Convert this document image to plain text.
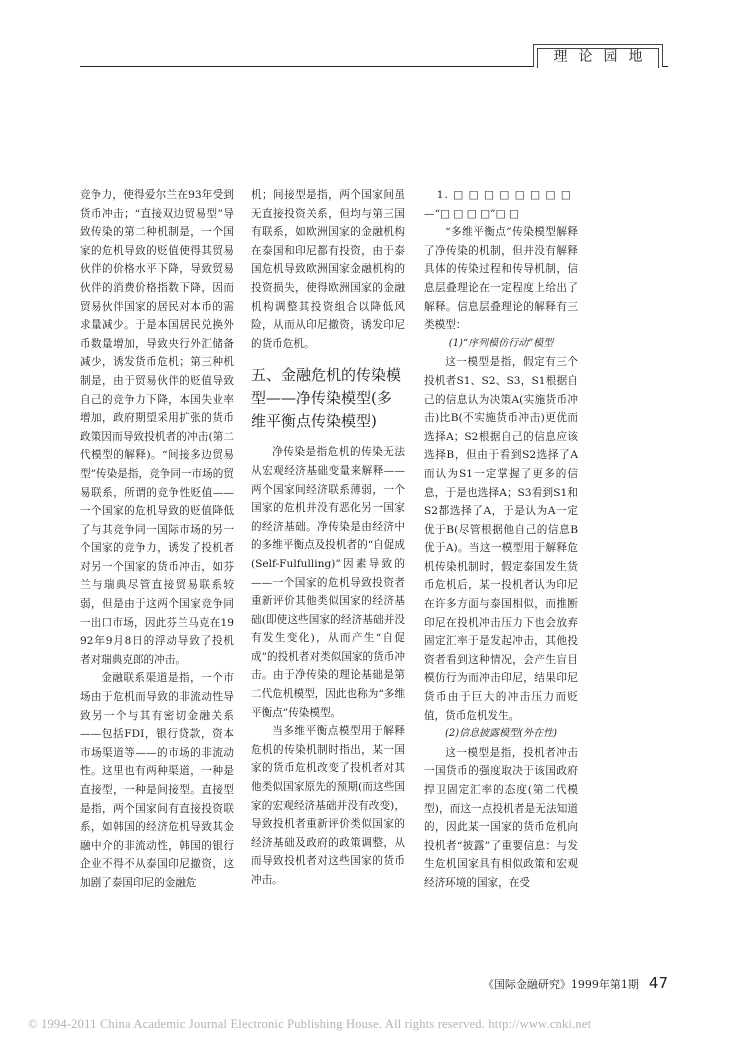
理论园地

竞争力，使得爱尔兰在93年受到货币冲击；“直接双边贸易型”导致传染的第二种机制是，一个国家的危机导致的贬值使得其贸易伙伴的价格水平下降，导致贸易伙伴的消费价格指数下降，因而贸易伙伴国家的居民对本币的需求量减少。于是本国居民兑换外币数量增加，导致央行外汇储备减少，诱发货币危机；第三种机制是，由于贸易伙伴的贬值导致自己的竞争力下降，本国失业率增加，政府期望采用扩张的货币政策因而导致投机者的冲击(第二代模型的解释)。“间接多边贸易型”传染是指，竞争同一市场的贸易联系，所谓的竞争性贬值——一个国家的危机导致的贬值降低了与其竞争同一国际市场的另一个国家的竞争力，诱发了投机者对另一个国家的货币冲击，如芬兰与瑞典尽管直接贸易联系较弱，但是由于这两个国家竞争同一出口市场，因此芬兰马克在1992年9月8日的浮动导致了投机者对瑞典克郎的冲击。

金融联系渠道是指，一个市场由于危机而导致的非流动性导致另一个与其有密切金融关系——包括FDI，银行贷款，资本市场渠道等——的市场的非流动性。这里也有两种渠道，一种是直接型，一种是间接型。直接型是指，两个国家间有直接投资联系，如韩国的经济危机导致其金融中介的非流动性，韩国的银行企业不得不从泰国印尼撤资，这加剧了泰国印尼的金融危

机；间接型是指，两个国家间虽无直接投资关系，但均与第三国有联系，如欧洲国家的金融机构在泰国和印尼都有投资，由于泰国危机导致欧洲国家金融机构的投资损失，使得欧洲国家的金融机构调整其投资组合以降低风险，从而从印尼撤资，诱发印尼的货币危机。

五、金融危机的传染模型——净传染模型(多维平衡点传染模型)

净传染是指危机的传染无法从宏观经济基础变量来解释——两个国家间经济联系薄弱，一个国家的危机并没有恶化另一国家的经济基础。净传染是由经济中的多维平衡点及投机者的“自促成(Self-Fulfulling)”因素导致的——一个国家的危机导致投资者重新评价其他类似国家的经济基础(即使这些国家的经济基础并没有发生变化)，从而产生“自促成”的投机者对类似国家的货币冲击。由于净传染的理论基础是第二代危机模型，因此也称为“多维平衡点”传染模型。

当多维平衡点模型用于解释危机的传染机制时指出，某一国家的货币危机改变了投机者对其他类似国家原先的预期(而这些国家的宏观经济基础并没有改变)，导致投机者重新评价类似国家的经济基础及政府的政策调整，从而导致投机者对这些国家的货币冲击。

1. □ □ □ □ □ □ □ □

—“□ □ □ □”□ □

“多维平衡点”传染模型解释了净传染的机制，但并没有解释具体的传染过程和传导机制，信息层叠理论在一定程度上给出了解释。信息层叠理论的解释有三类模型：

(1)“序列模仿行动”模型

这一模型是指，假定有三个投机者S1、S2、S3，S1根据自己的信息认为决策A(实施货币冲击)比B(不实施货币冲击)更优而选择A；S2根据自己的信息应该选择B，但由于看到S2选择了A而认为S1一定掌握了更多的信息，于是也选择A；S3看到S1和S2都选择了A，于是认为A一定优于B(尽管根据他自己的信息B优于A)。当这一模型用于解释危机传染机制时，假定泰国发生货币危机后，某一投机者认为印尼在许多方面与泰国相似，而推断印尼在投机冲击压力下也会放弃固定汇率于是发起冲击，其他投资者看到这种情况，会产生盲目模仿行为而冲击印尼，结果印尼货币由于巨大的冲击压力而贬值，货币危机发生。

(2)信息披露模型(外在性)

这一模型是指，投机者冲击一国货币的强度取决于该国政府捍卫固定汇率的态度(第二代模型)，而这一点投机者是无法知道的，因此某一国家的货币危机向投机者“披露”了重要信息：与发生危机国家具有相似政策和宏观经济环境的国家，在受

《国际金融研究》1999年第1期 47
© 1994-2011 China Academic Journal Electronic Publishing House. All rights reserved. http://www.cnki.net
